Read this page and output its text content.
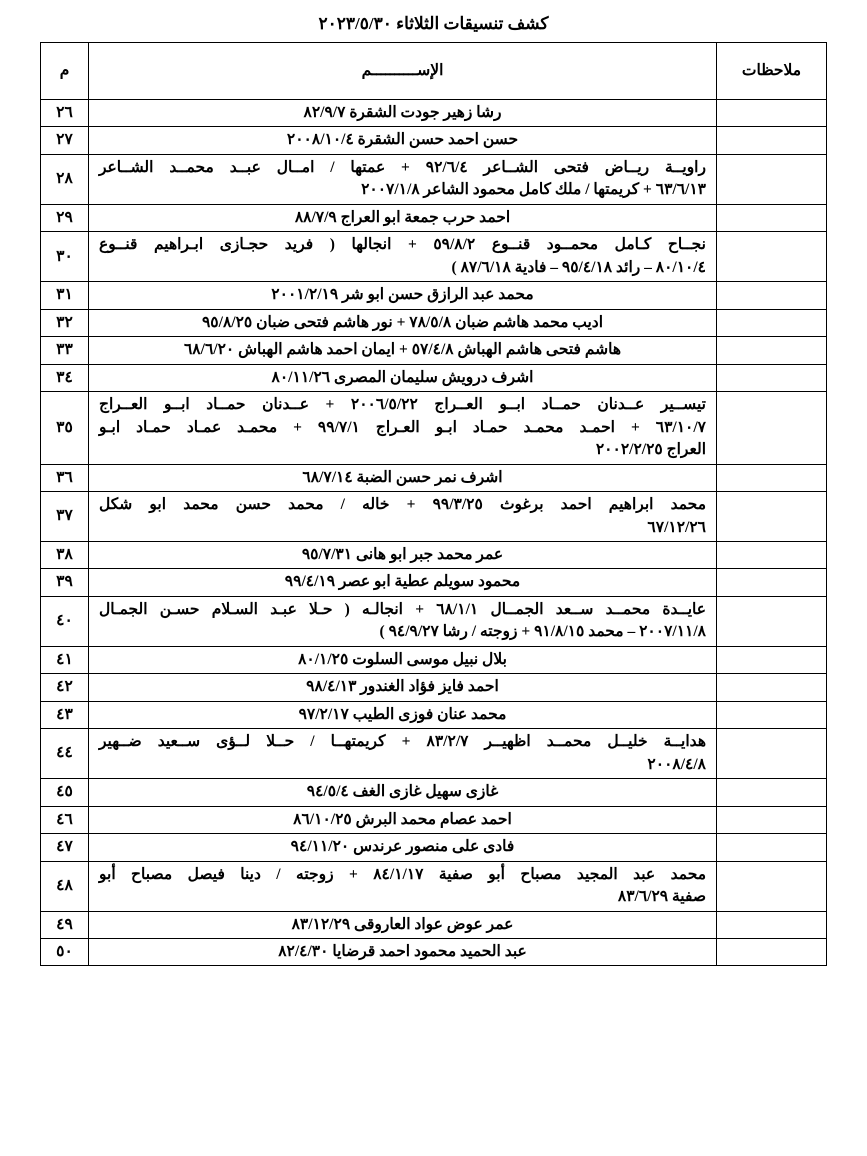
كشف تنسيقات الثلاثاء ٢٠٢٣/٥/٣٠
ملاحظات	الإســــــــــم	م

	رشا زهير جودت الشقرة ٨٢/٩/٧	٢٦

	حسن احمد حسن الشقرة ٢٠٠٨/١٠/٤	٢٧

	راويــة ريــاض فتحى الشــاعر ٩٢/٦/٤ + عمتها / امــال عبــد محمــد الشــاعر
٦٣/٦/١٣ + كريمتها / ملك كامل محمود الشاعر ٢٠٠٧/١/٨	٢٨

	احمد حرب جمعة ابو العراج ٨٨/٧/٩	٢٩

	نجــاح كـامل محمــود قنــوع ٥٩/٨/٢ + انجالها ( فريد حجـازى ابـراهيم قنــوع
٨٠/١٠/٤ – رائد ٩٥/٤/١٨ – فادية ٨٧/٦/١٨ )	٣٠

	محمد عبد الرازق حسن ابو شر ٢٠٠١/٢/١٩	٣١

	اديب محمد هاشم ضبان ٧٨/٥/٨ + نور هاشم فتحى ضبان ٩٥/٨/٢٥	٣٢

	هاشم فتحى هاشم الهباش ٥٧/٤/٨ + ايمان احمد هاشم الهباش ٦٨/٦/٢٠	٣٣

	اشرف درويش سليمان المصرى ٨٠/١١/٢٦	٣٤

	تيســير عــدنان حمــاد ابــو العــراج ٢٠٠٦/٥/٢٢ + عــدنان حمــاد ابــو العــراج
٦٣/١٠/٧ + احمـد محمـد حمـاد ابـو العـراج ٩٩/٧/١ + محمـد عمـاد حمـاد ابـو
العراج ٢٠٠٢/٢/٢٥	٣٥

	اشرف نمر حسن الضبة ٦٨/٧/١٤	٣٦

	محمد ابراهيم احمد برغوث ٩٩/٣/٢٥ + خاله / محمد حسن محمد ابو شكل
٦٧/١٢/٢٦	٣٧

	عمر محمد جبر ابو هانى ٩٥/٧/٣١	٣٨

	محمود سويلم عطية ابو عصر ٩٩/٤/١٩	٣٩

	عايــدة محمــد ســعد الجمــال ٦٨/١/١ + انجالـه ( حـلا عبـد السـلام حسـن الجمـال
٢٠٠٧/١١/٨ – محمد ٩١/٨/١٥ + زوجته / رشا ٩٤/٩/٢٧ )	٤٠

	بلال نبيل موسى السلوت ٨٠/١/٢٥	٤١

	احمد فايز فؤاد الغندور ٩٨/٤/١٣	٤٢

	محمد عنان فوزى الطيب ٩٧/٢/١٧	٤٣

	هدايــة خليــل محمــد اظهيــر ٨٣/٢/٧ + كريمتهــا / حــلا لــؤى ســعيد ضــهير
٢٠٠٨/٤/٨	٤٤

	غازى سهيل غازى الغف ٩٤/٥/٤	٤٥

	احمد عصام محمد البرش ٨٦/١٠/٢٥	٤٦

	فادى على منصور عرندس ٩٤/١١/٢٠	٤٧

	محمد عبد المجيد مصباح أبو صفية ٨٤/١/١٧ + زوجته / دينا فيصل مصباح أبو
صفية ٨٣/٦/٢٩	٤٨

	عمر عوض عواد العاروقى ٨٣/١٢/٢٩	٤٩

	عبد الحميد محمود احمد قرضايا ٨٢/٤/٣٠	٥٠
